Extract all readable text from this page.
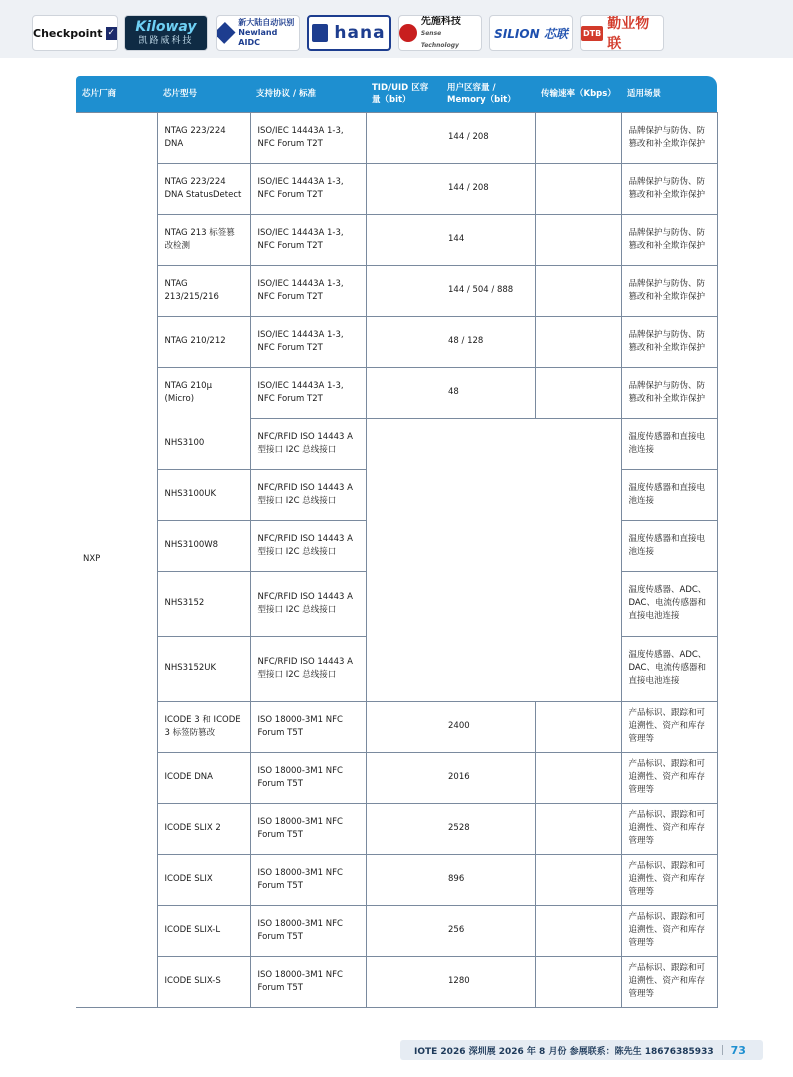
Checkpoint ✓ Kiloway
凯路威科技
新大陆自动识别
Newland AIDC	hana
先施科技
Sense Technology
SILION 芯联 DTB
勤业物联
芯片厂商	芯片型号	支持协议 / 标准	TID/UID 区容量（bit）	用户区容量 / Memory（bit）	传输速率（Kbps）	适用场景
NXP	NTAG 223/224 DNA	ISO/IEC 14443A 1-3, NFC Forum T2T		144 / 208		品牌保护与防伪、防篡改和补全欺诈保护
	NTAG 223/224 DNA StatusDetect	ISO/IEC 14443A 1-3, NFC Forum T2T		144 / 208		品牌保护与防伪、防篡改和补全欺诈保护
	NTAG 213 标签篡改检测	ISO/IEC 14443A 1-3, NFC Forum T2T		144		品牌保护与防伪、防篡改和补全欺诈保护
	NTAG 213/215/216	ISO/IEC 14443A 1-3, NFC Forum T2T		144 / 504 / 888		品牌保护与防伪、防篡改和补全欺诈保护
	NTAG 210/212	ISO/IEC 14443A 1-3, NFC Forum T2T		48 / 128		品牌保护与防伪、防篡改和补全欺诈保护
	NTAG 210μ (Micro)	ISO/IEC 14443A 1-3, NFC Forum T2T		48		品牌保护与防伪、防篡改和补全欺诈保护
	NHS3100	NFC/RFID ISO 14443 A 型接口 I2C 总线接口				温度传感器和直接电池连接
	NHS3100UK	NFC/RFID ISO 14443 A 型接口 I2C 总线接口				温度传感器和直接电池连接
	NHS3100W8	NFC/RFID ISO 14443 A 型接口 I2C 总线接口				温度传感器和直接电池连接
	NHS3152	NFC/RFID ISO 14443 A 型接口 I2C 总线接口				温度传感器、ADC、DAC、电流传感器和直接电池连接
	NHS3152UK	NFC/RFID ISO 14443 A 型接口 I2C 总线接口				温度传感器、ADC、DAC、电流传感器和直接电池连接
	ICODE 3 和 ICODE 3 标签防篡改	ISO 18000-3M1 NFC Forum T5T		2400		产品标识、跟踪和可追溯性、资产和库存管理等
	ICODE DNA	ISO 18000-3M1 NFC Forum T5T		2016		产品标识、跟踪和可追溯性、资产和库存管理等
	ICODE SLIX 2	ISO 18000-3M1 NFC Forum T5T		2528		产品标识、跟踪和可追溯性、资产和库存管理等
	ICODE SLIX	ISO 18000-3M1 NFC Forum T5T		896		产品标识、跟踪和可追溯性、资产和库存管理等
	ICODE SLIX-L	ISO 18000-3M1 NFC Forum T5T		256		产品标识、跟踪和可追溯性、资产和库存管理等
	ICODE SLIX-S	ISO 18000-3M1 NFC Forum T5T		1280		产品标识、跟踪和可追溯性、资产和库存管理等
IOTE 2026 深圳展 2026 年 8 月份 参展联系：陈先生 18676385933 73
